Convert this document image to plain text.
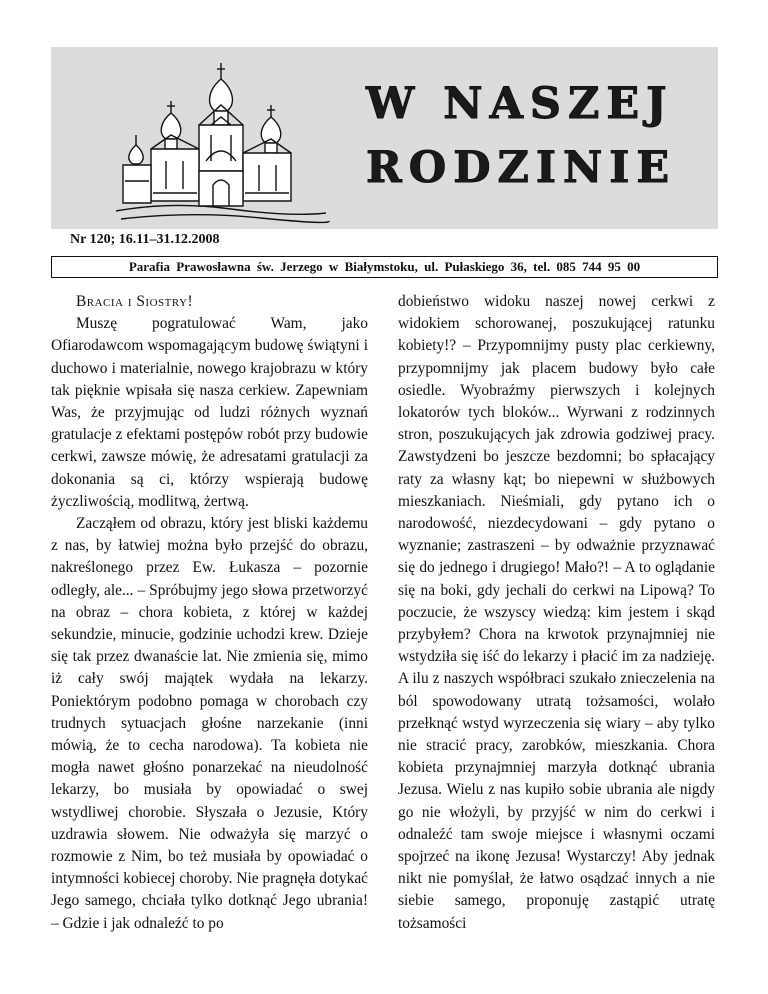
W NASZEJ
RODZINIE
Nr 120; 16.11–31.12.2008
Parafia Prawosławna św. Jerzego w Białymstoku, ul. Pułaskiego 36, tel. 085 744 95 00

Bracia i Siostry!

Muszę pogratulować Wam, jako Ofiarodawcom wspomagającym budowę świątyni i duchowo i materialnie, nowego krajobrazu w który tak pięknie wpisała się nasza cerkiew. Zapewniam Was, że przyjmując od ludzi różnych wyznań gratulacje z efektami postępów robót przy budowie cerkwi, zawsze mówię, że adresatami gratulacji za dokonania są ci, którzy wspierają budowę życzliwością, modlitwą, żertwą.

Zacząłem od obrazu, który jest bliski każdemu z nas, by łatwiej można było przejść do obrazu, nakreślonego przez Ew. Łukasza – pozornie odległy, ale... – Spróbujmy jego słowa przetworzyć na obraz – chora kobieta, z której w każdej sekundzie, minucie, godzinie uchodzi krew. Dzieje się tak przez dwanaście lat. Nie zmienia się, mimo iż cały swój majątek wydała na lekarzy. Poniektórym podobno pomaga w chorobach czy trudnych sytuacjach głośne narzekanie (inni mówią, że to cecha narodowa). Ta kobieta nie mogła nawet głośno ponarzekać na nieudolność lekarzy, bo musiała by opowiadać o swej wstydliwej chorobie. Słyszała o Jezusie, Który uzdrawia słowem. Nie odważyła się marzyć o rozmowie z Nim, bo też musiała by opowiadać o intymności kobiecej choroby. Nie pragnęła dotykać Jego samego, chciała tylko dotknąć Jego ubrania! – Gdzie i jak odnaleźć to po

dobieństwo widoku naszej nowej cerkwi z widokiem schorowanej, poszukującej ratunku kobiety!? – Przypomnijmy pusty plac cerkiewny, przypomnijmy jak placem budowy było całe osiedle. Wyobraźmy pierwszych i kolejnych lokatorów tych bloków... Wyrwani z rodzinnych stron, poszukujących jak zdrowia godziwej pracy. Zawstydzeni bo jeszcze bezdomni; bo spłacający raty za własny kąt; bo niepewni w służbowych mieszkaniach. Nieśmiali, gdy pytano ich o narodowość, niezdecydowani – gdy pytano o wyznanie; zastraszeni – by odważnie przyznawać się do jednego i drugiego! Mało?! – A to oglądanie się na boki, gdy jechali do cerkwi na Lipową? To poczucie, że wszyscy wiedzą: kim jestem i skąd przybyłem? Chora na krwotok przynajmniej nie wstydziła się iść do lekarzy i płacić im za nadzieję. A ilu z naszych współbraci szukało znieczelenia na ból spowodowany utratą tożsamości, wolało przełknąć wstyd wyrzeczenia się wiary – aby tylko nie stracić pracy, zarobków, mieszkania. Chora kobieta przynajmniej marzyła dotknąć ubrania Jezusa. Wielu z nas kupiło sobie ubrania ale nigdy go nie włożyli, by przyjść w nim do cerkwi i odnaleźć tam swoje miejsce i własnymi oczami spojrzeć na ikonę Jezusa! Wystarczy! Aby jednak nikt nie pomyślał, że łatwo osądzać innych a nie siebie samego, proponuję zastąpić utratę tożsamości
